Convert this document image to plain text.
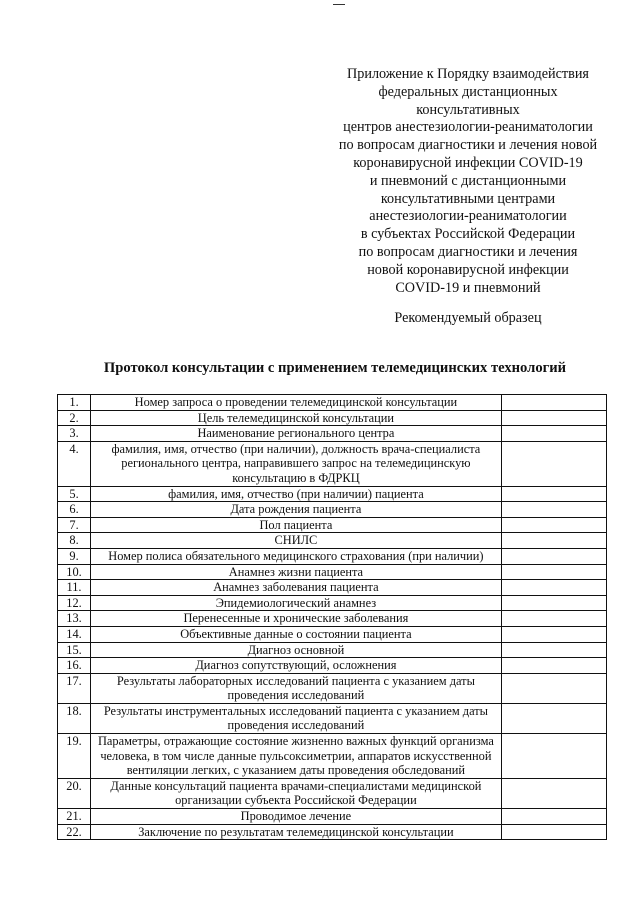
Приложение к Порядку взаимодействия
федеральных дистанционных
консультативных
центров анестезиологии-реаниматологии
по вопросам диагностики и лечения новой
коронавирусной инфекции COVID-19
и пневмоний с дистанционными
консультативными центрами
анестезиологии-реаниматологии
в субъектах Российской Федерации
по вопросам диагностики и лечения
новой коронавирусной инфекции
COVID-19 и пневмоний
Рекомендуемый образец
Протокол консультации с применением телемедицинских технологий
1.	Номер запроса о проведении телемедицинской консультации	
2.	Цель телемедицинской консультации	
3.	Наименование регионального центра	
4.	фамилия, имя, отчество (при наличии), должность врача-специалиста регионального центра, направившего запрос на телемедицинскую консультацию в ФДРКЦ	
5.	фамилия, имя, отчество (при наличии) пациента	
6.	Дата рождения пациента	
7.	Пол пациента	
8.	СНИЛС	
9.	Номер полиса обязательного медицинского страхования (при наличии)	
10.	Анамнез жизни пациента	
11.	Анамнез заболевания пациента	
12.	Эпидемиологический анамнез	
13.	Перенесенные и хронические заболевания	
14.	Объективные данные о состоянии пациента	
15.	Диагноз основной	
16.	Диагноз сопутствующий, осложнения	
17.	Результаты лабораторных исследований пациента с указанием даты проведения исследований	
18.	Результаты инструментальных исследований пациента с указанием даты проведения исследований	
19.	Параметры, отражающие состояние жизненно важных функций организма человека, в том числе данные пульсоксиметрии, аппаратов искусственной вентиляции легких, с указанием даты проведения обследований	
20.	Данные консультаций пациента врачами-специалистами медицинской организации субъекта Российской Федерации	
21.	Проводимое лечение	
22.	Заключение по результатам телемедицинской консультации	
